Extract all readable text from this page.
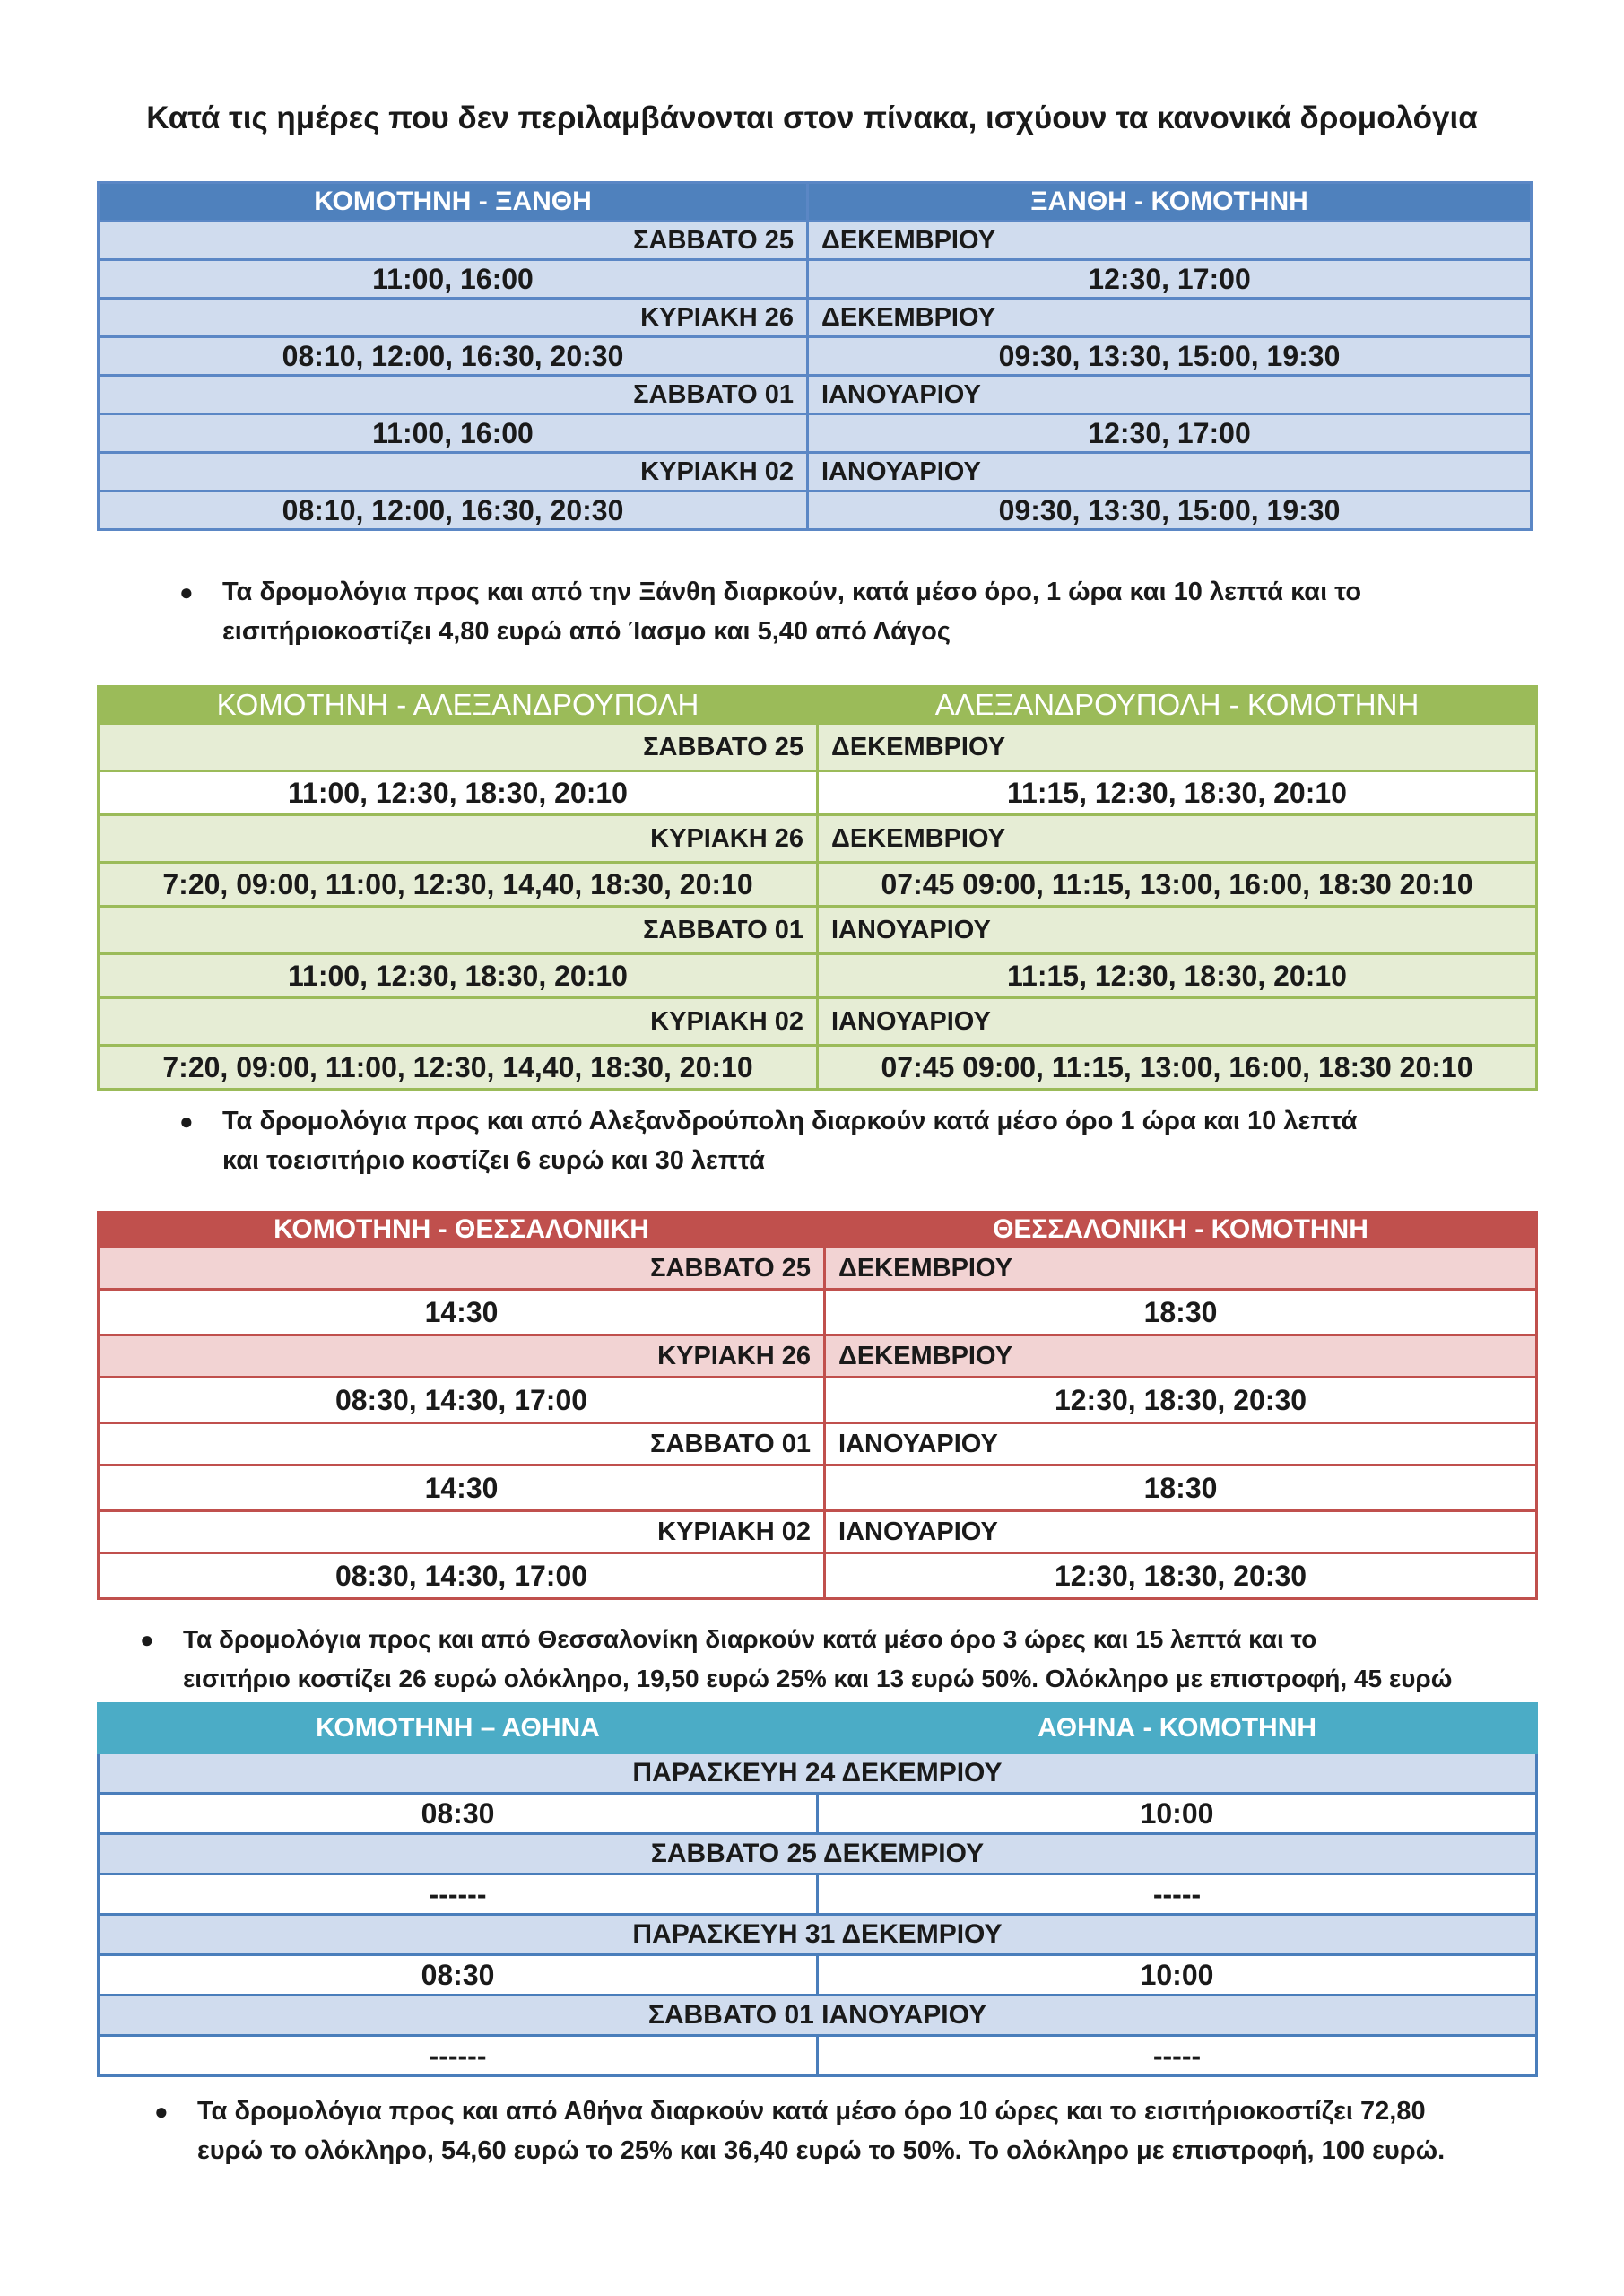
Κατά τις ημέρες που δεν περιλαμβάνονται στον πίνακα, ισχύουν τα κανονικά δρομολόγια
ΚΟΜΟΤΗΝΗ - ΞΑΝΘΗ	ΞΑΝΘΗ - ΚΟΜΟΤΗΝΗ
ΣΑΒΒΑΤΟ 25	ΔΕΚΕΜΒΡΙΟΥ
11:00, 16:00	12:30, 17:00
ΚΥΡΙΑΚΗ 26	ΔΕΚΕΜΒΡΙΟΥ
08:10, 12:00, 16:30, 20:30	09:30, 13:30, 15:00, 19:30
ΣΑΒΒΑΤΟ 01	ΙΑΝΟΥΑΡΙΟΥ
11:00, 16:00	12:30, 17:00
ΚΥΡΙΑΚΗ 02	ΙΑΝΟΥΑΡΙΟΥ
08:10, 12:00, 16:30, 20:30	09:30, 13:30, 15:00, 19:30
● Τα δρομολόγια προς και από την Ξάνθη διαρκούν, κατά μέσο όρο, 1 ώρα και 10 λεπτά και το
εισιτήριοκοστίζει 4,80 ευρώ από Ίασμο και 5,40 από Λάγος
ΚΟΜΟΤΗΝΗ - ΑΛΕΞΑΝΔΡΟΥΠΟΛΗ	ΑΛΕΞΑΝΔΡΟΥΠΟΛΗ - ΚΟΜΟΤΗΝΗ
ΣΑΒΒΑΤΟ 25	ΔΕΚΕΜΒΡΙΟΥ
11:00, 12:30, 18:30, 20:10	11:15, 12:30, 18:30, 20:10
ΚΥΡΙΑΚΗ 26	ΔΕΚΕΜΒΡΙΟΥ
7:20, 09:00, 11:00, 12:30, 14,40, 18:30, 20:10	07:45 09:00, 11:15, 13:00, 16:00, 18:30 20:10
ΣΑΒΒΑΤΟ 01	ΙΑΝΟΥΑΡΙΟΥ
11:00, 12:30, 18:30, 20:10	11:15, 12:30, 18:30, 20:10
ΚΥΡΙΑΚΗ 02	ΙΑΝΟΥΑΡΙΟΥ
7:20, 09:00, 11:00, 12:30, 14,40, 18:30, 20:10	07:45 09:00, 11:15, 13:00, 16:00, 18:30 20:10
● Τα δρομολόγια προς και από Αλεξανδρούπολη διαρκούν κατά μέσο όρο 1 ώρα και 10 λεπτά
και τοεισιτήριο κοστίζει 6 ευρώ και 30 λεπτά
ΚΟΜΟΤΗΝΗ - ΘΕΣΣΑΛΟΝΙΚΗ	ΘΕΣΣΑΛΟΝΙΚΗ - ΚΟΜΟΤΗΝΗ
ΣΑΒΒΑΤΟ 25	ΔΕΚΕΜΒΡΙΟΥ
14:30	18:30
ΚΥΡΙΑΚΗ 26	ΔΕΚΕΜΒΡΙΟΥ
08:30, 14:30, 17:00	12:30, 18:30, 20:30
ΣΑΒΒΑΤΟ 01	ΙΑΝΟΥΑΡΙΟΥ
14:30	18:30
ΚΥΡΙΑΚΗ 02	ΙΑΝΟΥΑΡΙΟΥ
08:30, 14:30, 17:00	12:30, 18:30, 20:30
● Τα δρομολόγια προς και από Θεσσαλονίκη διαρκούν κατά μέσο όρο 3 ώρες και 15 λεπτά και το
εισιτήριο κοστίζει 26 ευρώ ολόκληρο, 19,50 ευρώ 25% και 13 ευρώ 50%. Ολόκληρο με επιστροφή, 45 ευρώ
ΚΟΜΟΤΗΝΗ – ΑΘΗΝΑ	ΑΘΗΝΑ - ΚΟΜΟΤΗΝΗ
ΠΑΡΑΣΚΕΥΗ 24 ΔΕΚΕΜΡΙΟΥ	
08:30	10:00
ΣΑΒΒΑΤΟ 25 ΔΕΚΕΜΡΙΟΥ	
------	-----
ΠΑΡΑΣΚΕΥΗ 31 ΔΕΚΕΜΡΙΟΥ	
08:30	10:00
ΣΑΒΒΑΤΟ 01 ΙΑΝΟΥΑΡΙΟΥ	
------	-----
● Τα δρομολόγια προς και από Αθήνα διαρκούν κατά μέσο όρο 10 ώρες και το εισιτήριοκοστίζει 72,80
ευρώ το ολόκληρο, 54,60 ευρώ το 25% και 36,40 ευρώ το 50%. Το ολόκληρο με επιστροφή, 100 ευρώ.
